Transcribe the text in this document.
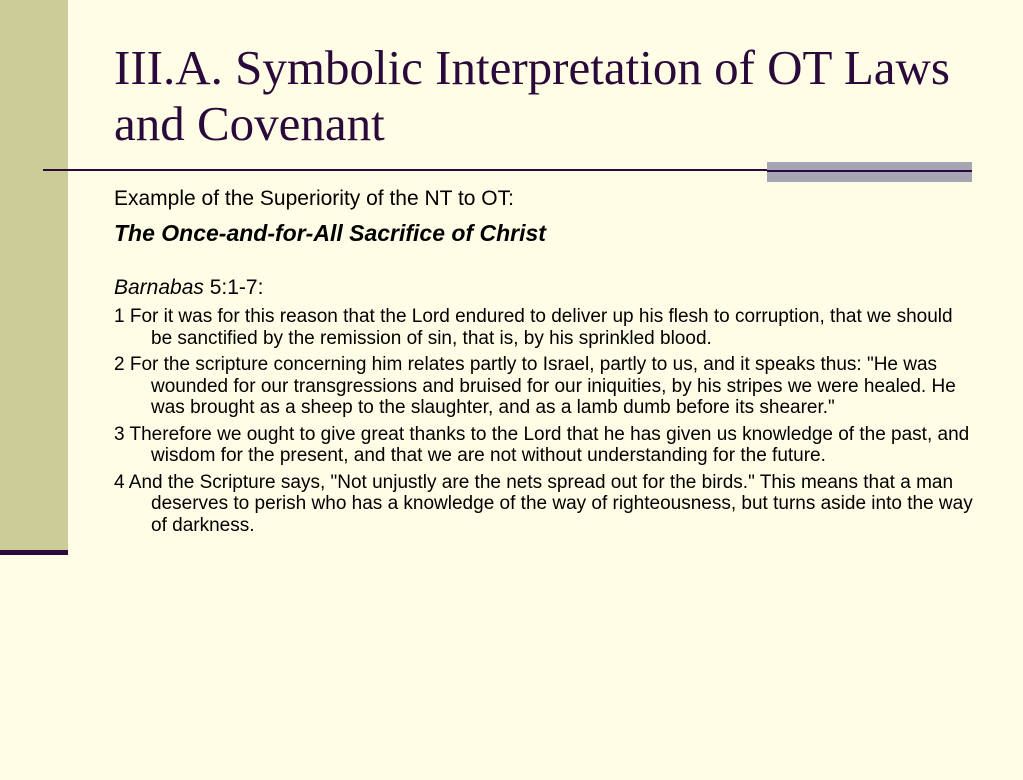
III.A. Symbolic Interpretation of OT Laws and Covenant

Example of the Superiority of the NT to OT:

The Once-and-for-All Sacrifice of Christ

Barnabas 5:1-7:

1 For it was for this reason that the Lord endured to deliver up his flesh to corruption, that we should be sanctified by the remission of sin, that is, by his sprinkled blood.

2 For the scripture concerning him relates partly to Israel, partly to us, and it speaks thus: "He was wounded for our transgressions and bruised for our iniquities, by his stripes we were healed. He was brought as a sheep to the slaughter, and as a lamb dumb before its shearer."

3 Therefore we ought to give great thanks to the Lord that he has given us knowledge of the past, and wisdom for the present, and that we are not without understanding for the future.

4 And the Scripture says, "Not unjustly are the nets spread out for the birds." This means that a man deserves to perish who has a knowledge of the way of righteousness, but turns aside into the way of darkness.
